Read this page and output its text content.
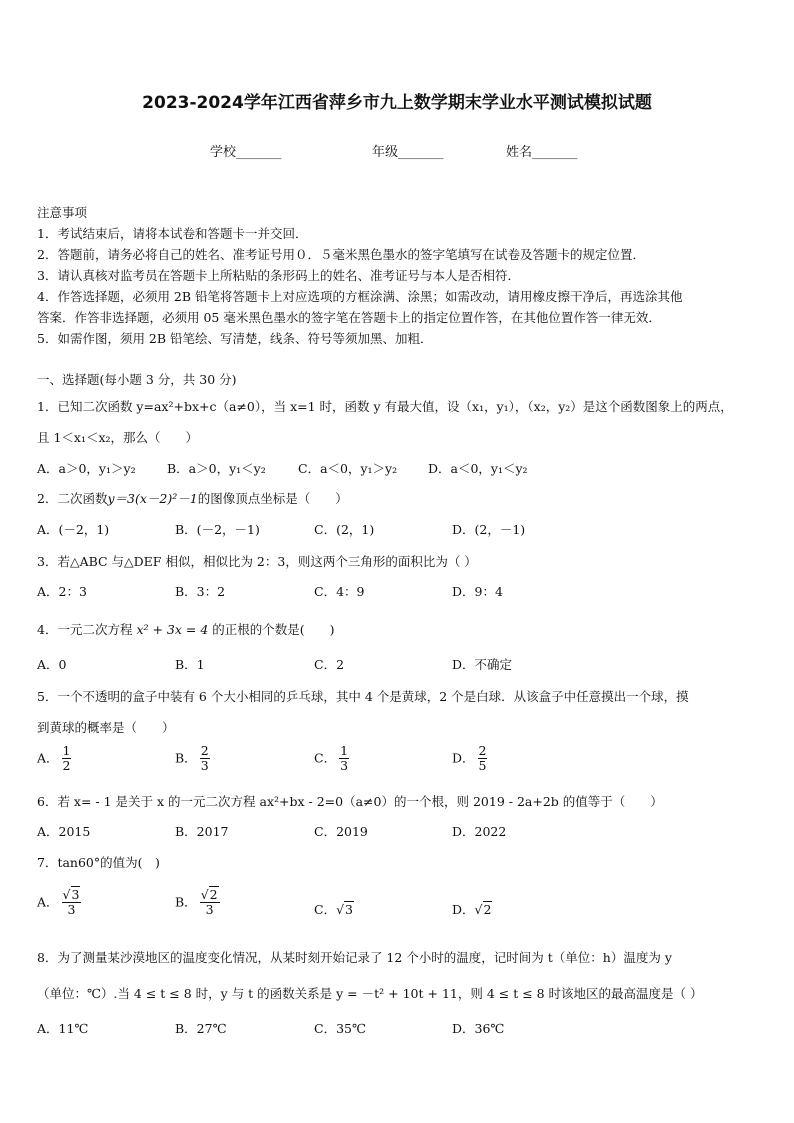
2023-2024学年江西省萍乡市九上数学期末学业水平测试模拟试题
学校_______	年级_______	姓名_______
注意事项
1．考试结束后，请将本试卷和答题卡一并交回．
2．答题前，请务必将自己的姓名、准考证号用０．５毫米黑色墨水的签字笔填写在试卷及答题卡的规定位置．
3．请认真核对监考员在答题卡上所粘贴的条形码上的姓名、准考证号与本人是否相符．
4．作答选择题，必须用 2B 铅笔将答题卡上对应选项的方框涂满、涂黑；如需改动，请用橡皮擦干净后，再选涂其他
答案．作答非选择题，必须用 05 毫米黑色墨水的签字笔在答题卡上的指定位置作答，在其他位置作答一律无效．
5．如需作图，须用 2B 铅笔绘、写清楚，线条、符号等须加黑、加粗．
一、选择题(每小题 3 分，共 30 分)
1．已知二次函数 y=ax²+bx+c（a≠0），当 x=1 时，函数 y 有最大值，设（x₁，y₁），（x₂，y₂）是这个函数图象上的两点，
且 1＜x₁＜x₂，那么（　　）
A．a＞0，y₁＞y₂	B．a＞0，y₁＜y₂	C．a＜0，y₁＞y₂ D．a＜0，y₁＜y₂
2．二次函数y＝3(x－2)²－1的图像顶点坐标是（　　）
A．(－2，1)	B．(－2，－1)	C．(2，1)	D．(2，－1)
3．若△ABC 与△DEF 相似，相似比为 2：3，则这两个三角形的面积比为（ ）
A．2：3	B．3：2	C．4：9	D．9：4
4．一元二次方程 x² + 3x = 4 的正根的个数是(　　)
A．0	B．1	C．2	D．不确定
5．一个不透明的盒子中装有 6 个大小相同的乒乓球，其中 4 个是黄球，2 个是白球．从该盒子中任意摸出一个球，摸
到黄球的概率是（　　）
A． $\frac{1}{2}$	B． $\frac{2}{3}$	C． $\frac{1}{3}$	D． $\frac{2}{5}$
6．若 x= - 1 是关于 x 的一元二次方程 ax²+bx - 2=0（a≠0）的一个根，则 2019 - 2a+2b 的值等于（　　）
A．2015	B．2017	C．2019	D．2022
7．tan60°的值为(　)
A． $\frac{√3}{3}$	B． $\frac{√2}{3}$	C．√3	D．√2
8．为了测量某沙漠地区的温度变化情况，从某时刻开始记录了 12 个小时的温度，记时间为 t（单位：h）温度为 y
（单位：℃）.当 4 ≤ t ≤ 8 时，y 与 t 的函数关系是 y = －t² + 10t + 11，则 4 ≤ t ≤ 8 时该地区的最高温度是（ ）
A．11℃	B．27℃	C．35℃	D．36℃
